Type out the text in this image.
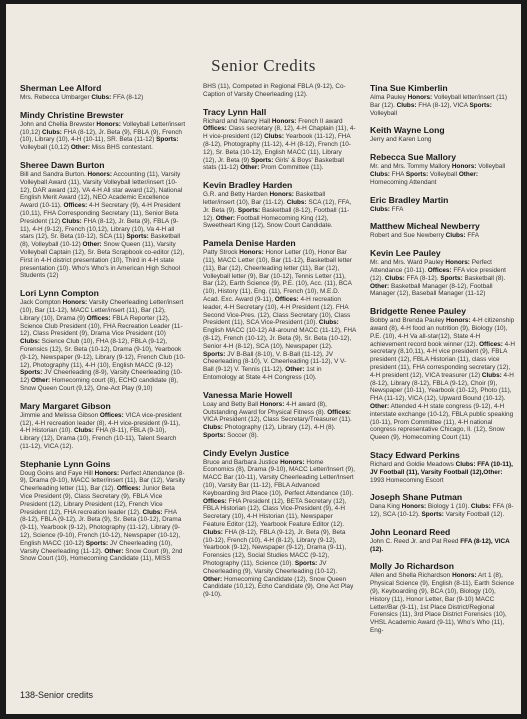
Senior Credits
Sherman Lee Alford
Mrs. Rebecca Umbarger Clubs: FFA (8-12)
Mindy Christine Brewster
John and Chellia Brewster Honors: Volleyball Letter/insert (10,12) Clubs: FHA (8-12), Jr. Beta (9), FBLA (9), French (10), Library (10), 4-H (10-11), SR. Beta (11-12) Sports: Volleyball (10,12) Other: Miss BHS contestant.
Sheree Dawn Burton
Bill and Sandra Burton. Honors: Accounting (11), Varsity Volleyball Award (11), Varsity Volleyball letter/insert (10-12), DAR award (12), VA 4-H All star award (12), National English Merit Award (12), NEO Academic Excellence Award (10-11). Offices: 4-H Secretary (9), 4-H President (10,11), FHA Corresponding Secretary (11), Senior Beta President (12) Clubs: FHA (8-12), Jr. Beta (9), FBLA (9-11), 4-H (9-12), French (10,12), Library (10), Va 4-H all stars (12), Sr. Beta (10-12), SCA (11) Sports: Basketball (8), Volleyball (10-12) Other: Snow Queen (11), Varsity Volleyball Captain (12), Sr. Beta Scrapbook co-editor (12), First in 4-H district presentation (10), Third in 4-H state presentation (10). Who's Who's in American High School Students (12)
Lori Lynn Compton
Jack Compton Honors: Varsity Cheerleading Letter/insert (10), Bar (11-12), MACC Letter/insert (11), Bar (12), Library (10), Drama (9) Offices: FBLA Reporter (12), Science Club President (10), FHA Recreation Leader (11-12), Class President (9), Drama Vice President (10) Clubs: Science Club (10), FHA (8-12), FBLA (9-12), Forensics (12), Sr. Beta (10-12), Drama (9-10), Yearbook (9-12), Newspaper (9-12), Library (9-12), French Club (10-12), Photography (11), 4-H (10), English MACC (9-12) Sports: JV Cheerleading (8-9), Varsity Cheerleading (10-12) Other: Homecoming court (8), ECHO candidate (8), Snow Queen Court (9,12), One-Act Play (9,10)
Mary Margaret Gibson
Jimmie and Melissa Gibson Offices: VICA vice-president (12), 4-H recreation leader (8), 4-H vice-president (9-11), 4-H Historian (10). Clubs: FHA (8-11), FBLA (9-10), Library (12), Drama (10), French (10-11), Talent Search (11-12), VICA (12).
Stephanie Lynn Goins
Doug Goins and Faye Hill Honors: Perfect Attendance (8-9), Drama (9-10), MACC letter/insert (11), Bar (12), Varsity Cheerleading letter (11), Bar (12). Offices: Junior Beta Vice President (9), Class Secretary (9), FBLA Vice President (12), Library President (12), French Vice President (12), FHA recreation leader (12). Clubs: FHA (8-12), FBLA (9-12), Jr. Beta (9), Sr. Beta (10-12), Drama (9-11), Yearbook (9-12), Photography (11-12), Library (9-12), Science (9-10), French (10-12), Newspaper (10-12), English MACC (10-12) Sports: JV Cheerleading (10), Varsity Cheerleading (11-12). Other: Snow Court (9), 2nd Snow Court (10), Homecoming Candidate (11), MISS
BHS (11), Competed in Regional FBLA (9-12), Co-Caption of Varsity Cheerleading (12).
Tracy Lynn Hall
Richard and Nancy Hall Honors: French II award Offices: Class secretary (8, 12), 4-H Chaplain (11), 4-H vice-president (12) Clubs: Yearbook (11-12), FHA (8-12), Photography (11-12), 4-H (8-12), French (10-12), Sr. Beta (10-12), English MACC (11), Library (12), Jr. Beta (9) Sports: Girls' & Boys' Basketball stats (11-12) Other: Prom Committee (11).
Kevin Bradley Harden
G.R. and Betty Harden Honors: Basketball letter/insert (10), Bar (11-12). Clubs: SCA (12), FFA, Jr. Beta (9). Sports: Basketball (8-12), Football (11-12). Other: Football Homecoming King (12), Sweetheart King (12), Snow Court Candidate.
Pamela Denise Harden
Patty Strock Honors: Honor Letter (10), Honor Bar (11), MACC Letter (10), Bar (11-12), Basketball letter (11), Bar (12), Cheerleading letter (11), Bar (12), Volleyball letter (9), Bar (10-12), Tennis Letter (11), Bar (12), Earth Science (9), P.E. (10), Acc. (11), BCA (10), History (11), Eng. (11), French (10), M.E.D. Acad. Exc. Award (9-11), Offices: 4-H recreation leader, 4-H Secretary (10), 4-H President (12). FHA Second Vice-Pres. (12), Class Secretary (10), Class President (11), SCA Vice-President (10). Clubs: English MACC (10-12) All-around MACC (11-12), FHA (8-12), French (10-12), Jr. Beta (9), Sr. Beta (10-12), Senior 4-H (8-12), SCA (10), Newspaper (12). Sports: JV B-Ball (8-10), V. B-Ball (11-12), JV Cheerleading (8-10), V. Cheerleading (11-12), V V-Ball (9-12) V. Tennis (11-12). Other: 1st in Entomology at State 4-H Congress (10).
Vanessa Marie Howell
Loay and Betty Ball Honors: 4-H award (8), Outstanding Award for Physical Fitness (8). Offices: VICA President (12), Class Secretary/Treasurer (11). Clubs: Photography (12), Library (12), 4-H (8). Sports: Soccer (8).
Cindy Evelyn Justice
Bruce and Barbara Justice Honors: Home Economics (8), Drama (9-10), MACC Letter/Insert (9), MACC Bar (10-11), Varsity Cheerleading Letter/Insert (10), Varsity Bar (11-12), FBLA Advanced Keyboarding 3rd Place (10), Perfect Attendance (10). Offices: FHA President (12), BETA Secretary (12), FBLA Historian (12), Class Vice-President (9), 4-H Secretary (10), 4-H Historian (11), Newspaper Feature Editor (12), Yearbook Feature Editor (12). Clubs: FHA (8-12), FBLA (9-12), Jr. Beta (9), Beta (10-12), French (10), 4-H (8-12), Library (9-12), Yearbook (9-12), Newspaper (9-12), Drama (9-11), Forensics (12), Social Studies MACC (9-12), Photography (11), Science (10). Sports: JV Cheerleading (9), Varsity Cheerleading (10-12). Other: Homecoming Candidate (12), Snow Queen Candidate (10,12), Echo Candidate (9), One Act Play (9-10).
Tina Sue Kimberlin
Alma Pauley Honors: Volleyball letter/insert (11) Bar (12). Clubs: FHA (8-12), VICA Sports: Volleyball
Keith Wayne Long
Jerry and Karen Long
Rebecca Sue Mallory
Mr. and Mrs. Tommy Mallory Honors: Volleyball Clubs: FHA Sports: Volleyball Other: Homecoming Attendant
Eric Bradley Martin
Clubs: FFA
Matthew Micheal Newberry
Robert and Sue Newberry Clubs: FFA
Kevin Lee Pauley
Mr. and Mrs. Ward Pauley Honors: Perfect Attendance (10-11). Offices: FFA vice president (12). Clubs: FFA (8-12). Sports: Basketball (8). Other: Basketball Manager (8-12), Football Manager (12), Baseball Manager (11-12)
Bridgette Renee Pauley
Bobby and Brenda Pauley Honors: 4-H citizenship award (8), 4-H food an nutrition (9), Biology (10), P.E. (10), 4-H Va all-star(12), State 4-H achievement record book winner (12). Offices: 4-H secretary (8,10,11), 4-H vice president (9), FBLA president (12), FBLA Historian (11), class vice president (11), FHA corresponding secretary (12), 4-H president (12), VICA treasurer (12) Clubs: 4-H (8-12), Library (8-12), FBLA (9-12), Choir (9), Newspaper (10-11), Yearbook (10-12), Photo (11), FHA (11-12), VICA (12), Upward Bound (10-12). Other: Attended 4-H state congress (9-12), 4-H interstate exchange (10-12), FBLA public speaking (10-11), Prom Committee (11), 4-H national congress representative Chicago, Il. (12), Snow Queen (9), Homecoming Court (11)
Stacy Edward Perkins
Richard and Goldie Meadows Clubs: FFA (10-11), JV Football (11), Varsity Football (12),Other: 1993 Homecoming Escort
Joseph Shane Putman
Dana King Honors: Biology 1 (10). Clubs: FFA (8-12), SCA (10-12). Sports: Varsity Football (12).
John Leonard Reed
John C. Reed Jr. and Pat Reed FFA (8-12), VICA (12).
Molly Jo Richardson
Allen and Shella Richardson Honors: Art 1 (8), Physical Science (9), English (8-11), Earth Science (9), Keyboarding (9), BCA (10), Biology (10), History (11), Honor Letter, Bar (9-10) MACC Letter/Bar (9-11), 1st Place District/Regional Forensics (11), 3rd Place District Forensics (10), VHSL Academic Award (9-11), Who's Who (11), Eng-
138-Senior credits
